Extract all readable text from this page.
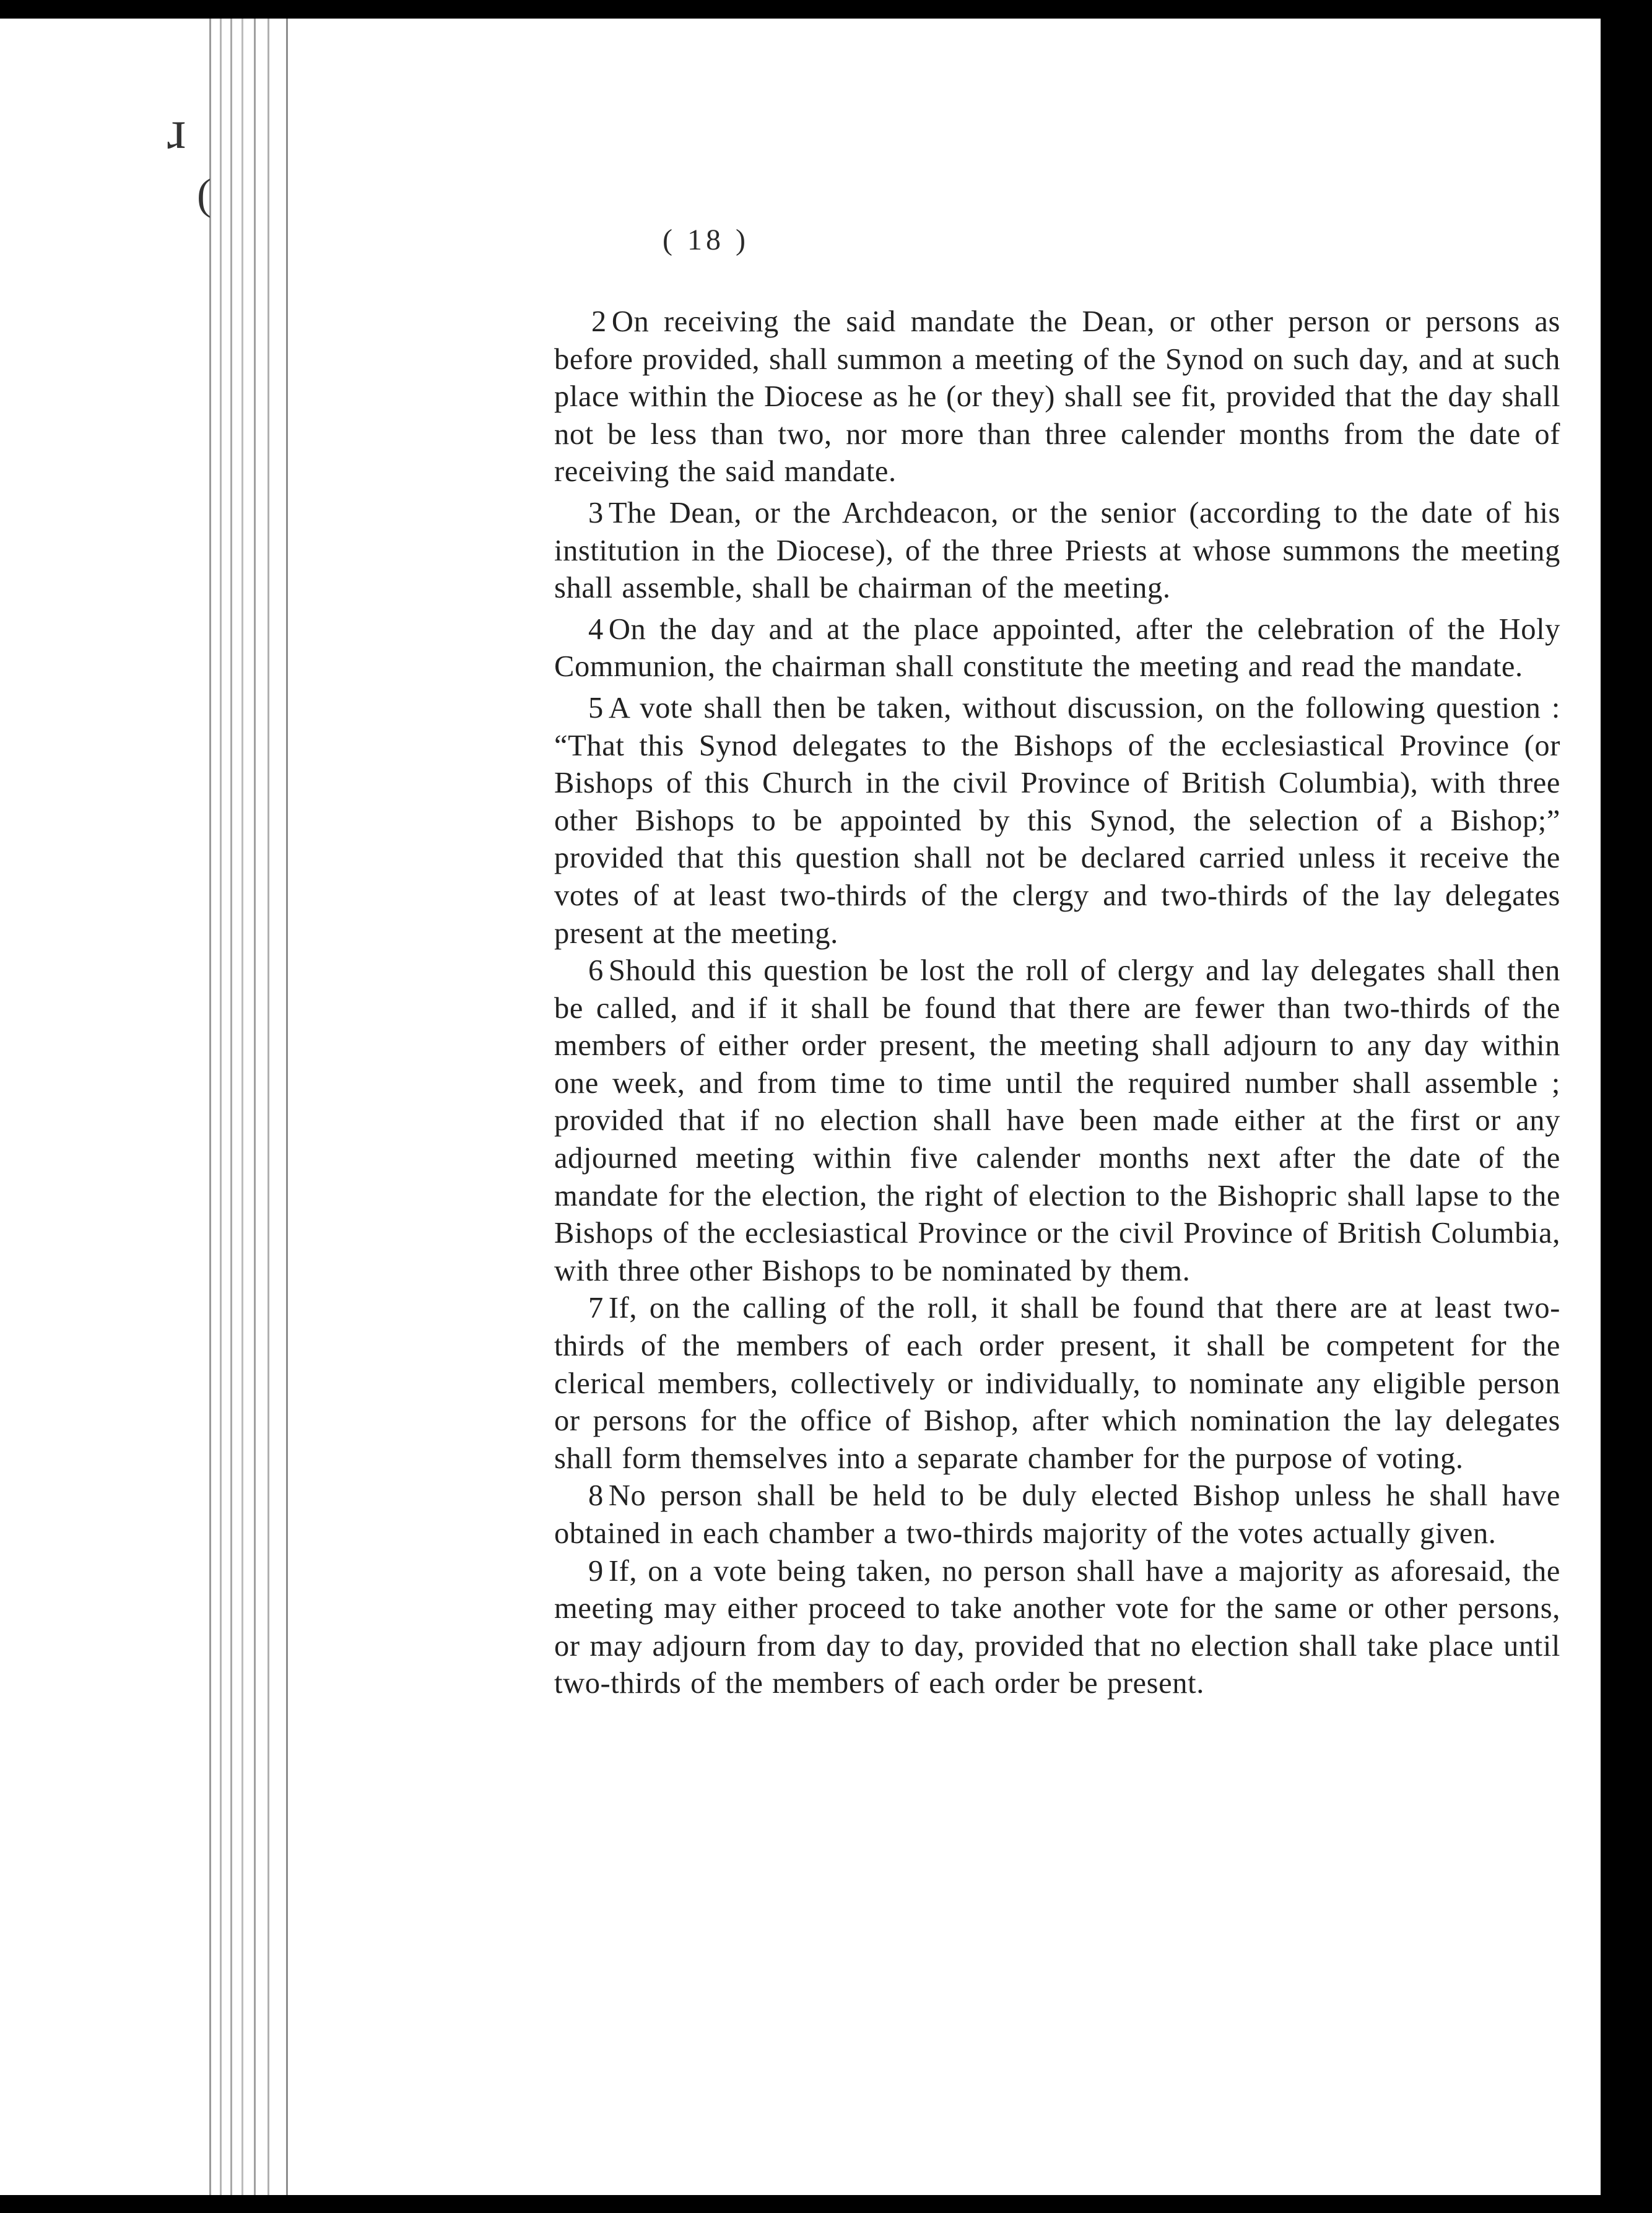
ɹ
(
( 18 )

2 On receiving the said mandate the Dean, or other person or persons as before provided, shall summon a meeting of the Synod on such day, and at such place within the Diocese as he (or they) shall see fit, provided that the day shall not be less than two, nor more than three calender months from the date of receiving the said mandate.

3 The Dean, or the Archdeacon, or the senior (according to the date of his institution in the Diocese), of the three Priests at whose summons the meeting shall assemble, shall be chairman of the meeting.

4 On the day and at the place appointed, after the celebration of the Holy Communion, the chairman shall constitute the meeting and read the mandate.

5 A vote shall then be taken, without discussion, on the following question : “That this Synod delegates to the Bishops of the ecclesiastical Province (or Bishops of this Church in the civil Province of British Columbia), with three other Bishops to be appointed by this Synod, the selection of a Bishop;” provided that this question shall not be declared carried unless it receive the votes of at least two-thirds of the clergy and two-thirds of the lay delegates present at the meeting.

6 Should this question be lost the roll of clergy and lay delegates shall then be called, and if it shall be found that there are fewer than two-thirds of the members of either order present, the meeting shall adjourn to any day within one week, and from time to time until the required number shall assemble ; provided that if no election shall have been made either at the first or any adjourned meeting within five calender months next after the date of the mandate for the election, the right of election to the Bishopric shall lapse to the Bishops of the ecclesiastical Province or the civil Province of British Columbia, with three other Bishops to be nominated by them.

7 If, on the calling of the roll, it shall be found that there are at least two-thirds of the members of each order present, it shall be competent for the clerical members, collectively or individually, to nominate any eligible person or persons for the office of Bishop, after which nomination the lay delegates shall form themselves into a separate chamber for the purpose of voting.

8 No person shall be held to be duly elected Bishop unless he shall have obtained in each chamber a two-thirds majority of the votes actually given.

9 If, on a vote being taken, no person shall have a majority as aforesaid, the meeting may either proceed to take another vote for the same or other persons, or may adjourn from day to day, provided that no election shall take place until two-thirds of the members of each order be present.
